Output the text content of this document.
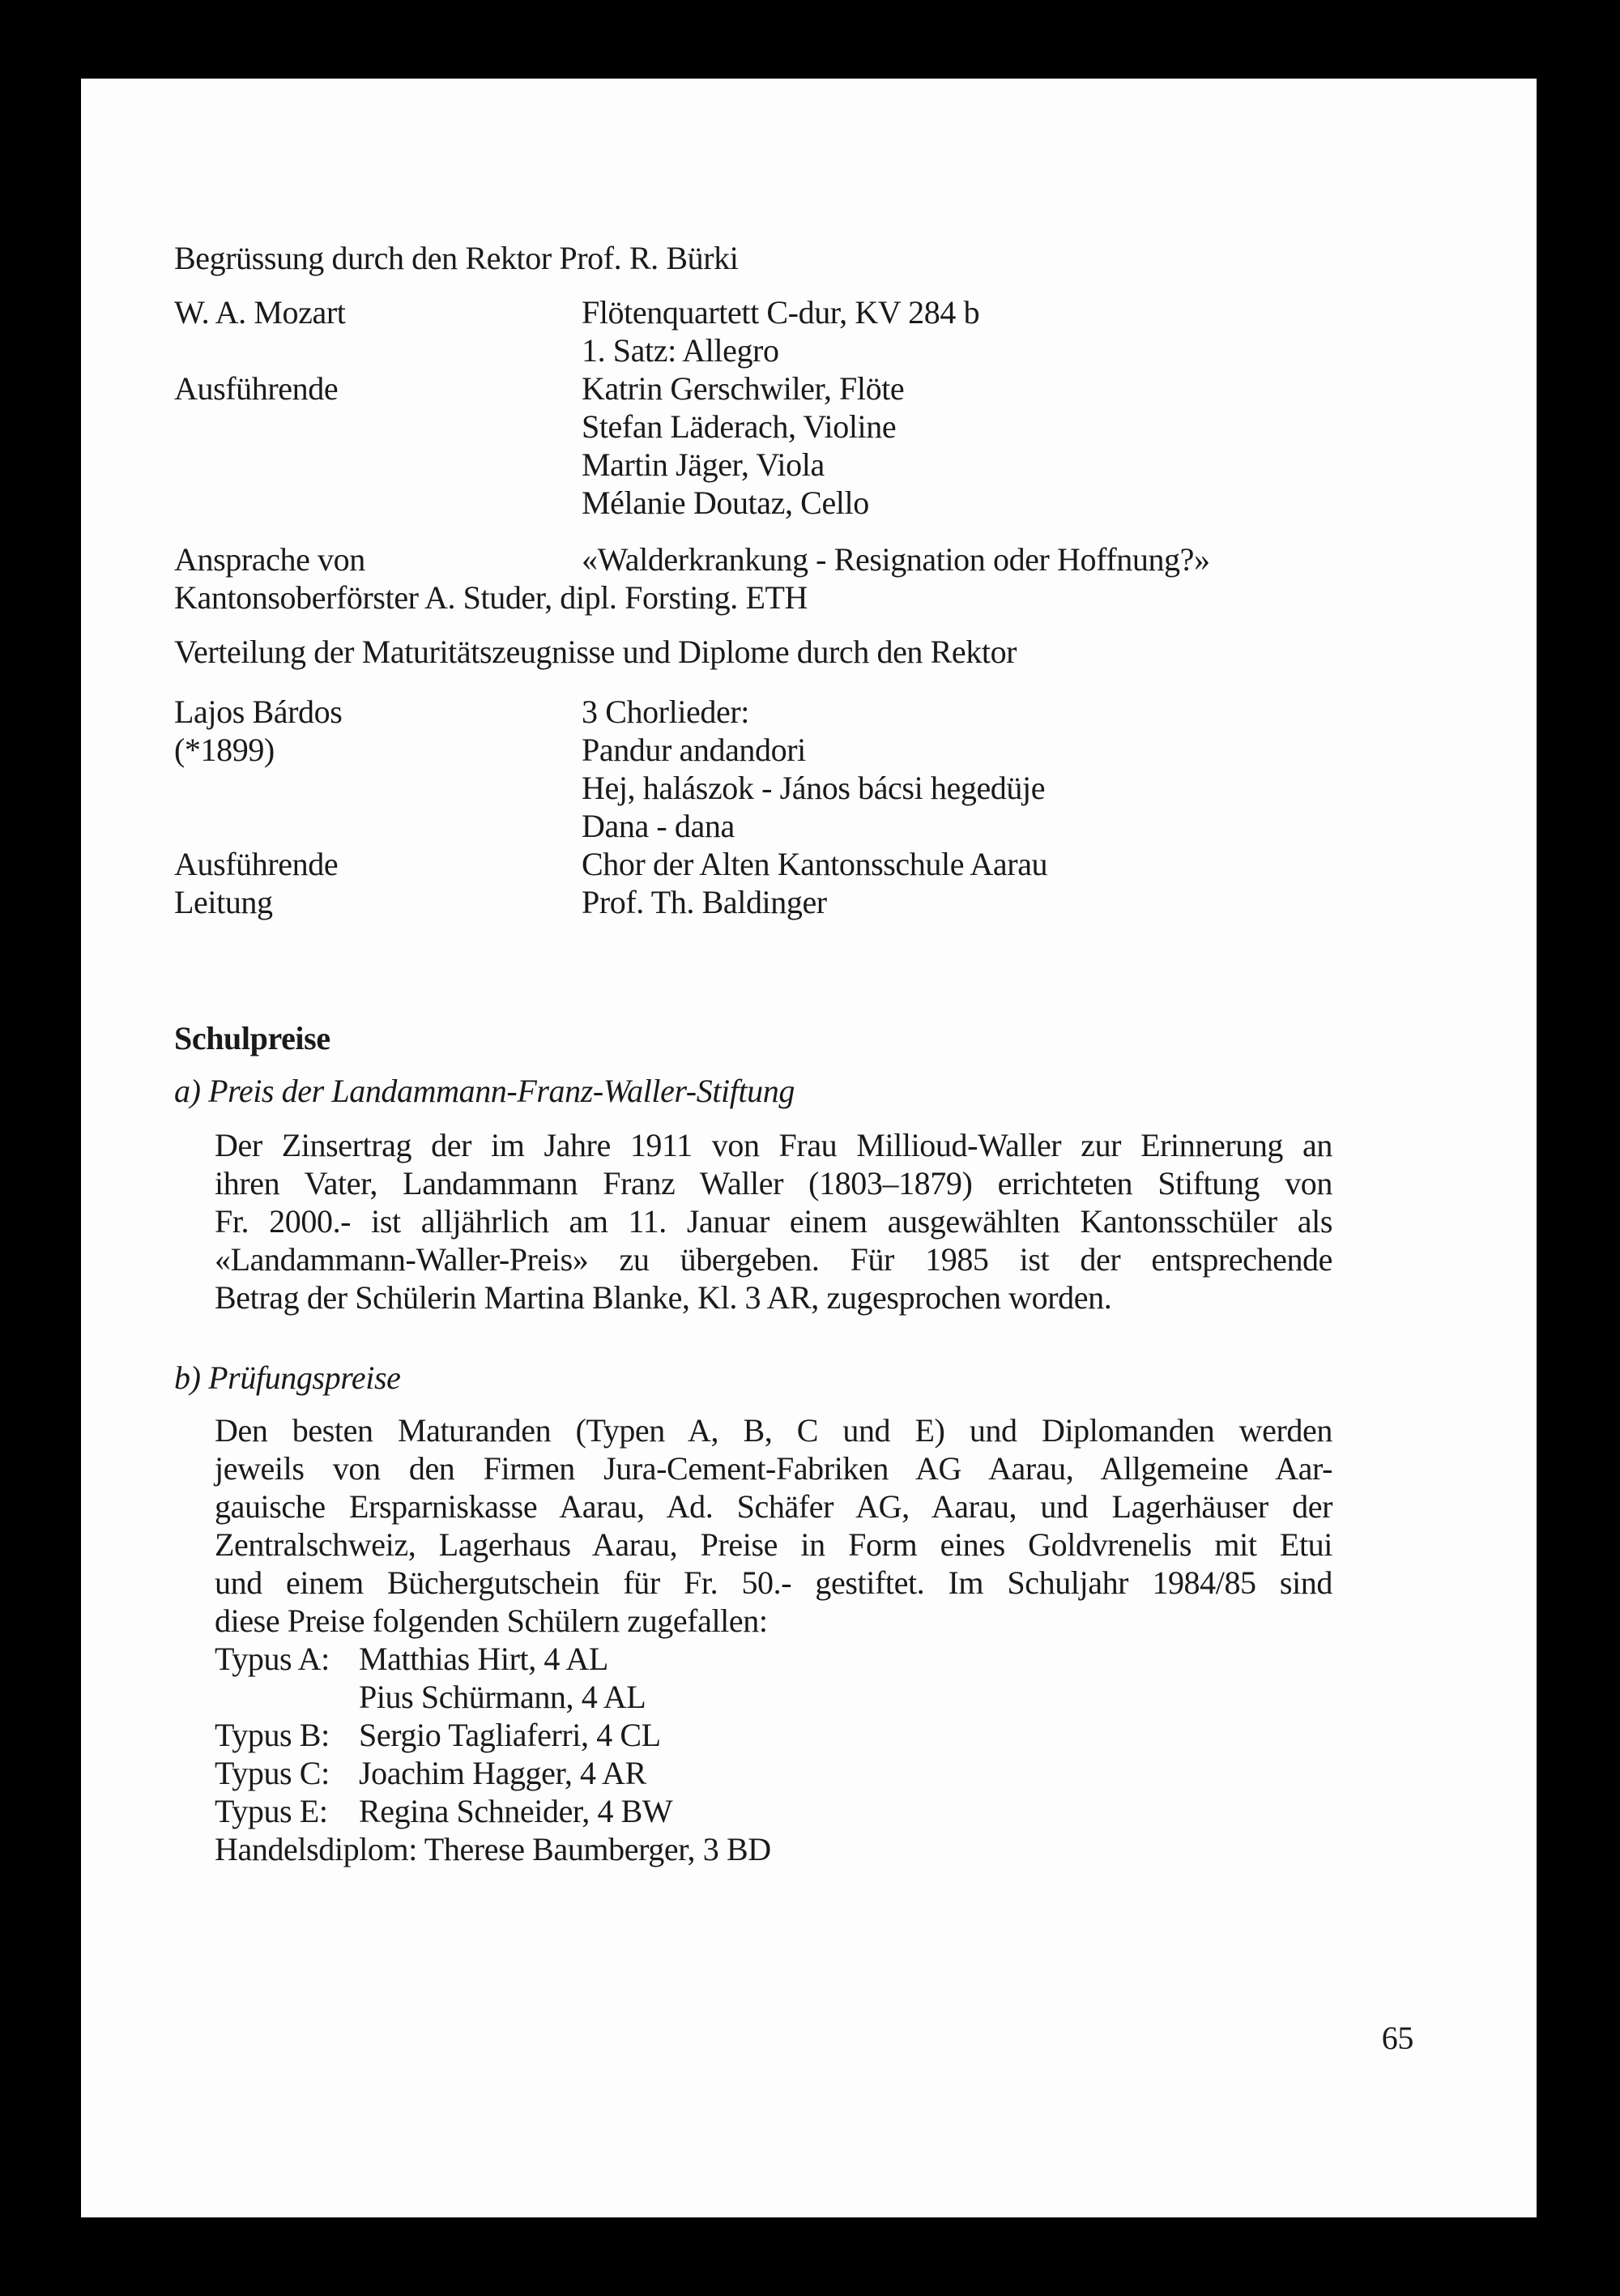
Begrüssung durch den Rektor Prof. R. Bürki
W. A. Mozart	Flötenquartett C-dur, KV 284 b
1. Satz: Allegro
Ausführende	Katrin Gerschwiler, Flöte
Stefan Läderach, Violine
Martin Jäger, Viola
Mélanie Doutaz, Cello
Ansprache von	«Walderkrankung - Resignation oder Hoffnung?»
Kantonsoberförster A. Studer, dipl. Forsting. ETH
Verteilung der Maturitätszeugnisse und Diplome durch den Rektor
Lajos Bárdos	3 Chorlieder:
(*1899)	Pandur andandori
Hej, halászok - János bácsi hegedüje
Dana - dana
Ausführende	Chor der Alten Kantonsschule Aarau
Leitung	Prof. Th. Baldinger
Schulpreise
a) Preis der Landammann-Franz-Waller-Stiftung
Der Zinsertrag der im Jahre 1911 von Frau Millioud-Waller zur Erinnerung an
ihren Vater, Landammann Franz Waller (1803–1879) errichteten Stiftung von
Fr. 2000.- ist alljährlich am 11. Januar einem ausgewählten Kantonsschüler als
«Landammann-Waller-Preis» zu übergeben. Für 1985 ist der entsprechende
Betrag der Schülerin Martina Blanke, Kl. 3 AR, zugesprochen worden.
b) Prüfungspreise
Den besten Maturanden (Typen A, B, C und E) und Diplomanden werden
jeweils von den Firmen Jura-Cement-Fabriken AG Aarau, Allgemeine Aar-
gauische Ersparniskasse Aarau, Ad. Schäfer AG, Aarau, und Lagerhäuser der
Zentralschweiz, Lagerhaus Aarau, Preise in Form eines Goldvrenelis mit Etui
und einem Büchergutschein für Fr. 50.- gestiftet. Im Schuljahr 1984/85 sind
diese Preise folgenden Schülern zugefallen:
Typus A: Matthias Hirt, 4 AL
Pius Schürmann, 4 AL
Typus B: Sergio Tagliaferri, 4 CL
Typus C: Joachim Hagger, 4 AR
Typus E: Regina Schneider, 4 BW
Handelsdiplom: Therese Baumberger, 3 BD
65
